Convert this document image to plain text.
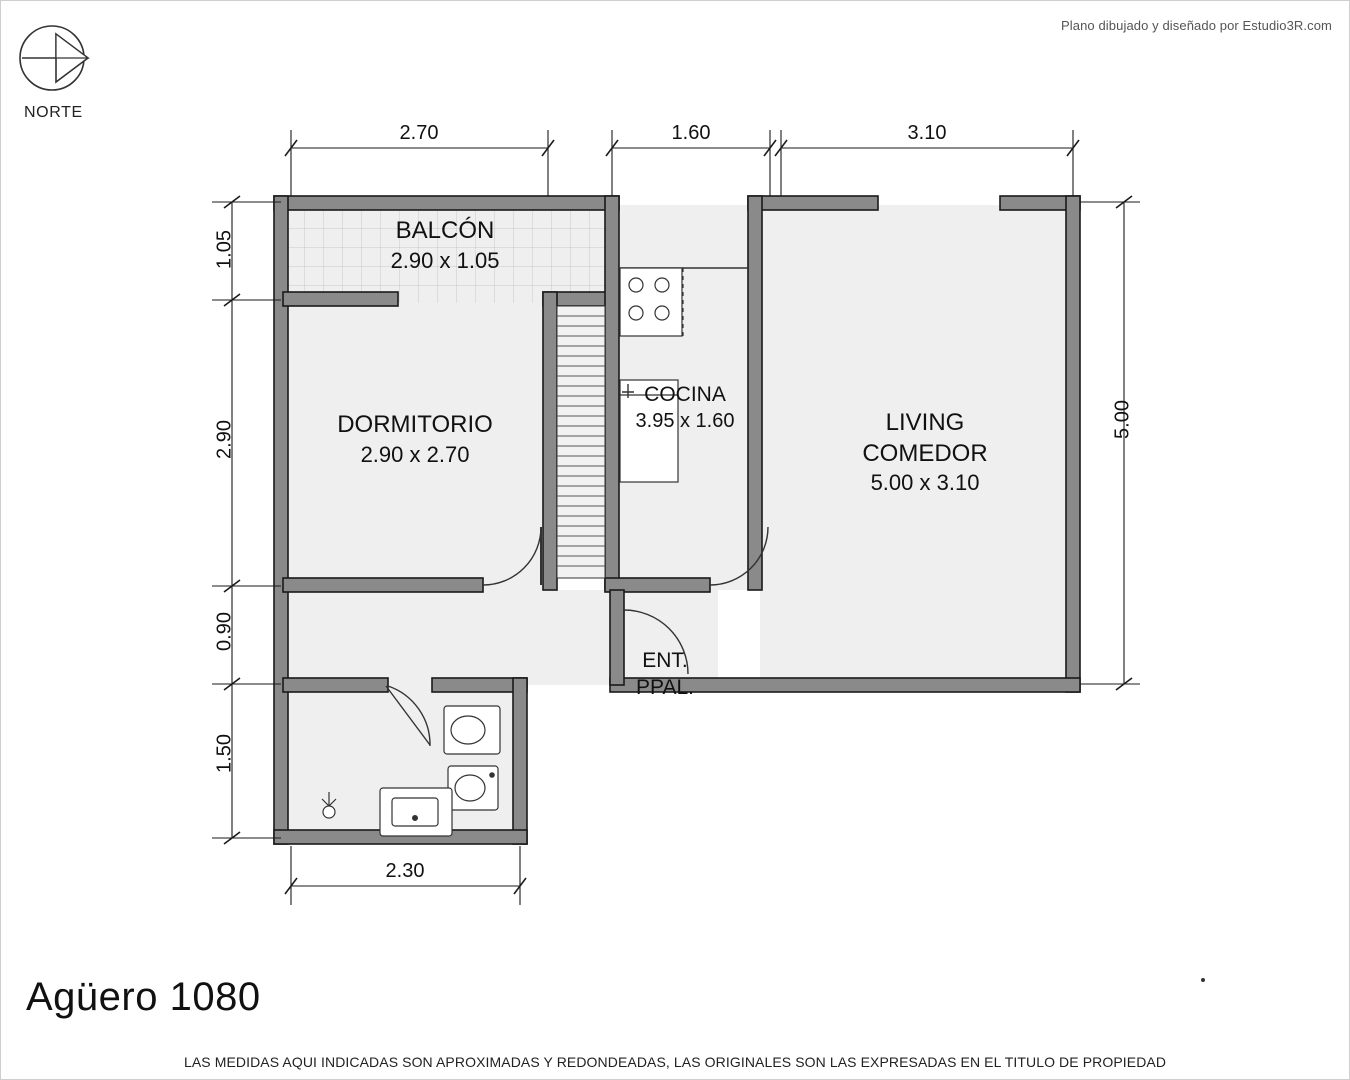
Plano dibujado y diseñado por Estudio3R.com
NORTE
BALCÓN
2.90 x 1.05
DORMITORIO
2.90 x 2.70
COCINA
3.95 x 1.60	LIVING
COMEDOR
5.00 x 3.10
ENT.
PPAL.
2.70	1.60	3.10
1.05
2.90
0.90
1.50
5.00
2.30
Agüero 1080
LAS MEDIDAS AQUI INDICADAS SON APROXIMADAS Y REDONDEADAS, LAS ORIGINALES SON LAS EXPRESADAS EN EL TITULO DE PROPIEDAD
